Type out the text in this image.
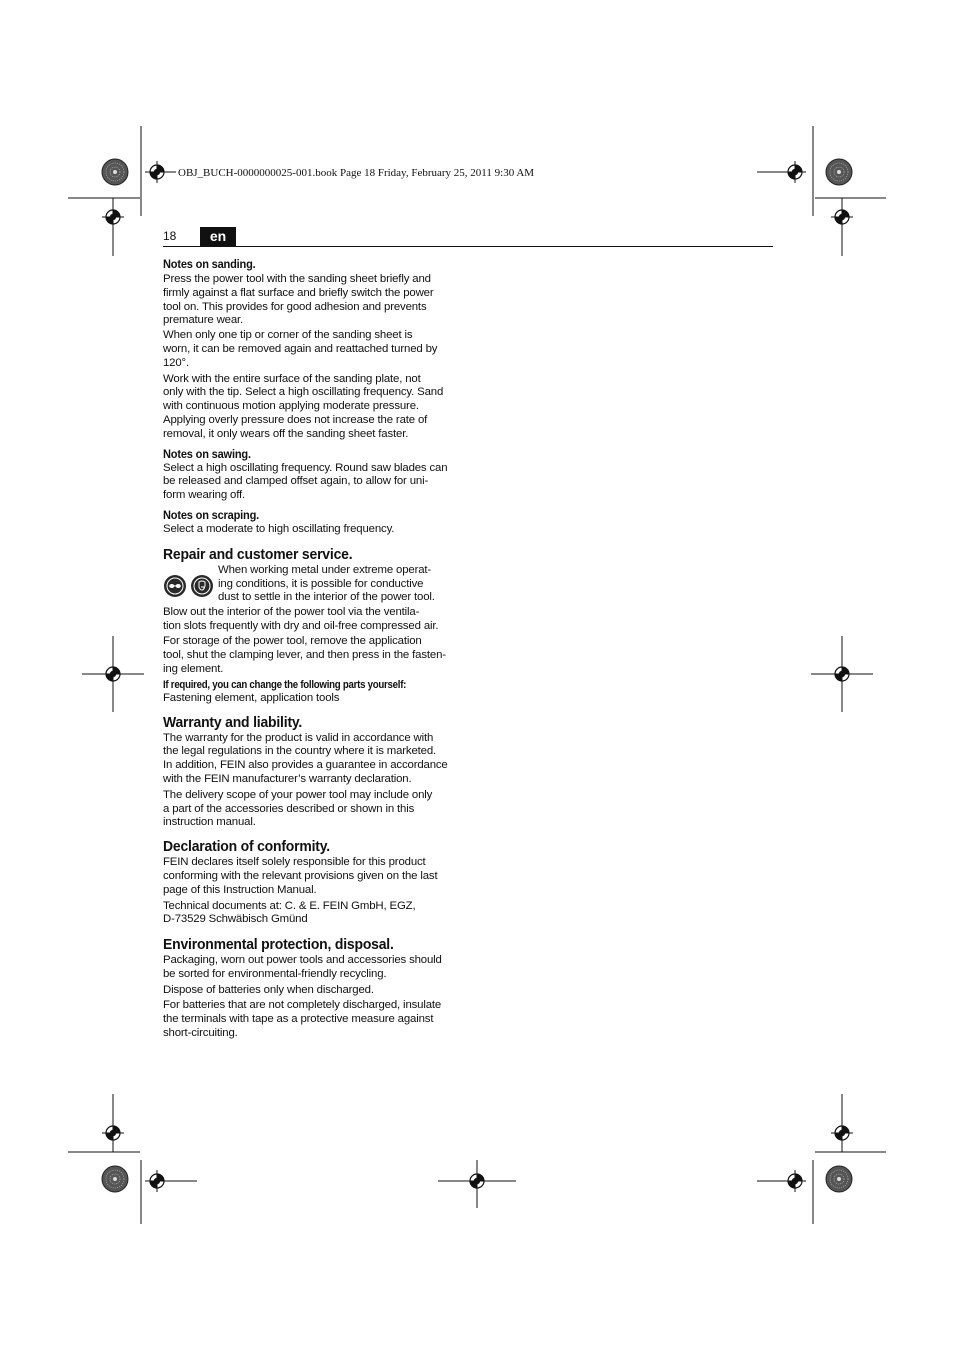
OBJ_BUCH-0000000025-001.book Page 18 Friday, February 25, 2011 9:30 AM
18	en
Notes on sanding.

Press the power tool with the sanding sheet briefly and
firmly against a flat surface and briefly switch the power
tool on. This provides for good adhesion and prevents
premature wear.

When only one tip or corner of the sanding sheet is
worn, it can be removed again and reattached turned by
120°.

Work with the entire surface of the sanding plate, not
only with the tip. Select a high oscillating frequency. Sand
with continuous motion applying moderate pressure.
Applying overly pressure does not increase the rate of
removal, it only wears off the sanding sheet faster.

Notes on sawing.

Select a high oscillating frequency. Round saw blades can
be released and clamped offset again, to allow for uni-
form wearing off.

Notes on scraping.

Select a moderate to high oscillating frequency.

Repair and customer service.

When working metal under extreme operat-
ing conditions, it is possible for conductive
dust to settle in the interior of the power tool.

Blow out the interior of the power tool via the ventila-
tion slots frequently with dry and oil-free compressed air.

For storage of the power tool, remove the application
tool, shut the clamping lever, and then press in the fasten-
ing element.

If required, you can change the following parts yourself:

Fastening element, application tools

Warranty and liability.

The warranty for the product is valid in accordance with
the legal regulations in the country where it is marketed.
In addition, FEIN also provides a guarantee in accordance
with the FEIN manufacturer’s warranty declaration.

The delivery scope of your power tool may include only
a part of the accessories described or shown in this
instruction manual.

Declaration of conformity.

FEIN declares itself solely responsible for this product
conforming with the relevant provisions given on the last
page of this Instruction Manual.

Technical documents at: C. & E. FEIN GmbH, EGZ,
D-73529 Schwäbisch Gmünd

Environmental protection, disposal.

Packaging, worn out power tools and accessories should
be sorted for environmental-friendly recycling.

Dispose of batteries only when discharged.

For batteries that are not completely discharged, insulate
the terminals with tape as a protective measure against
short-circuiting.
